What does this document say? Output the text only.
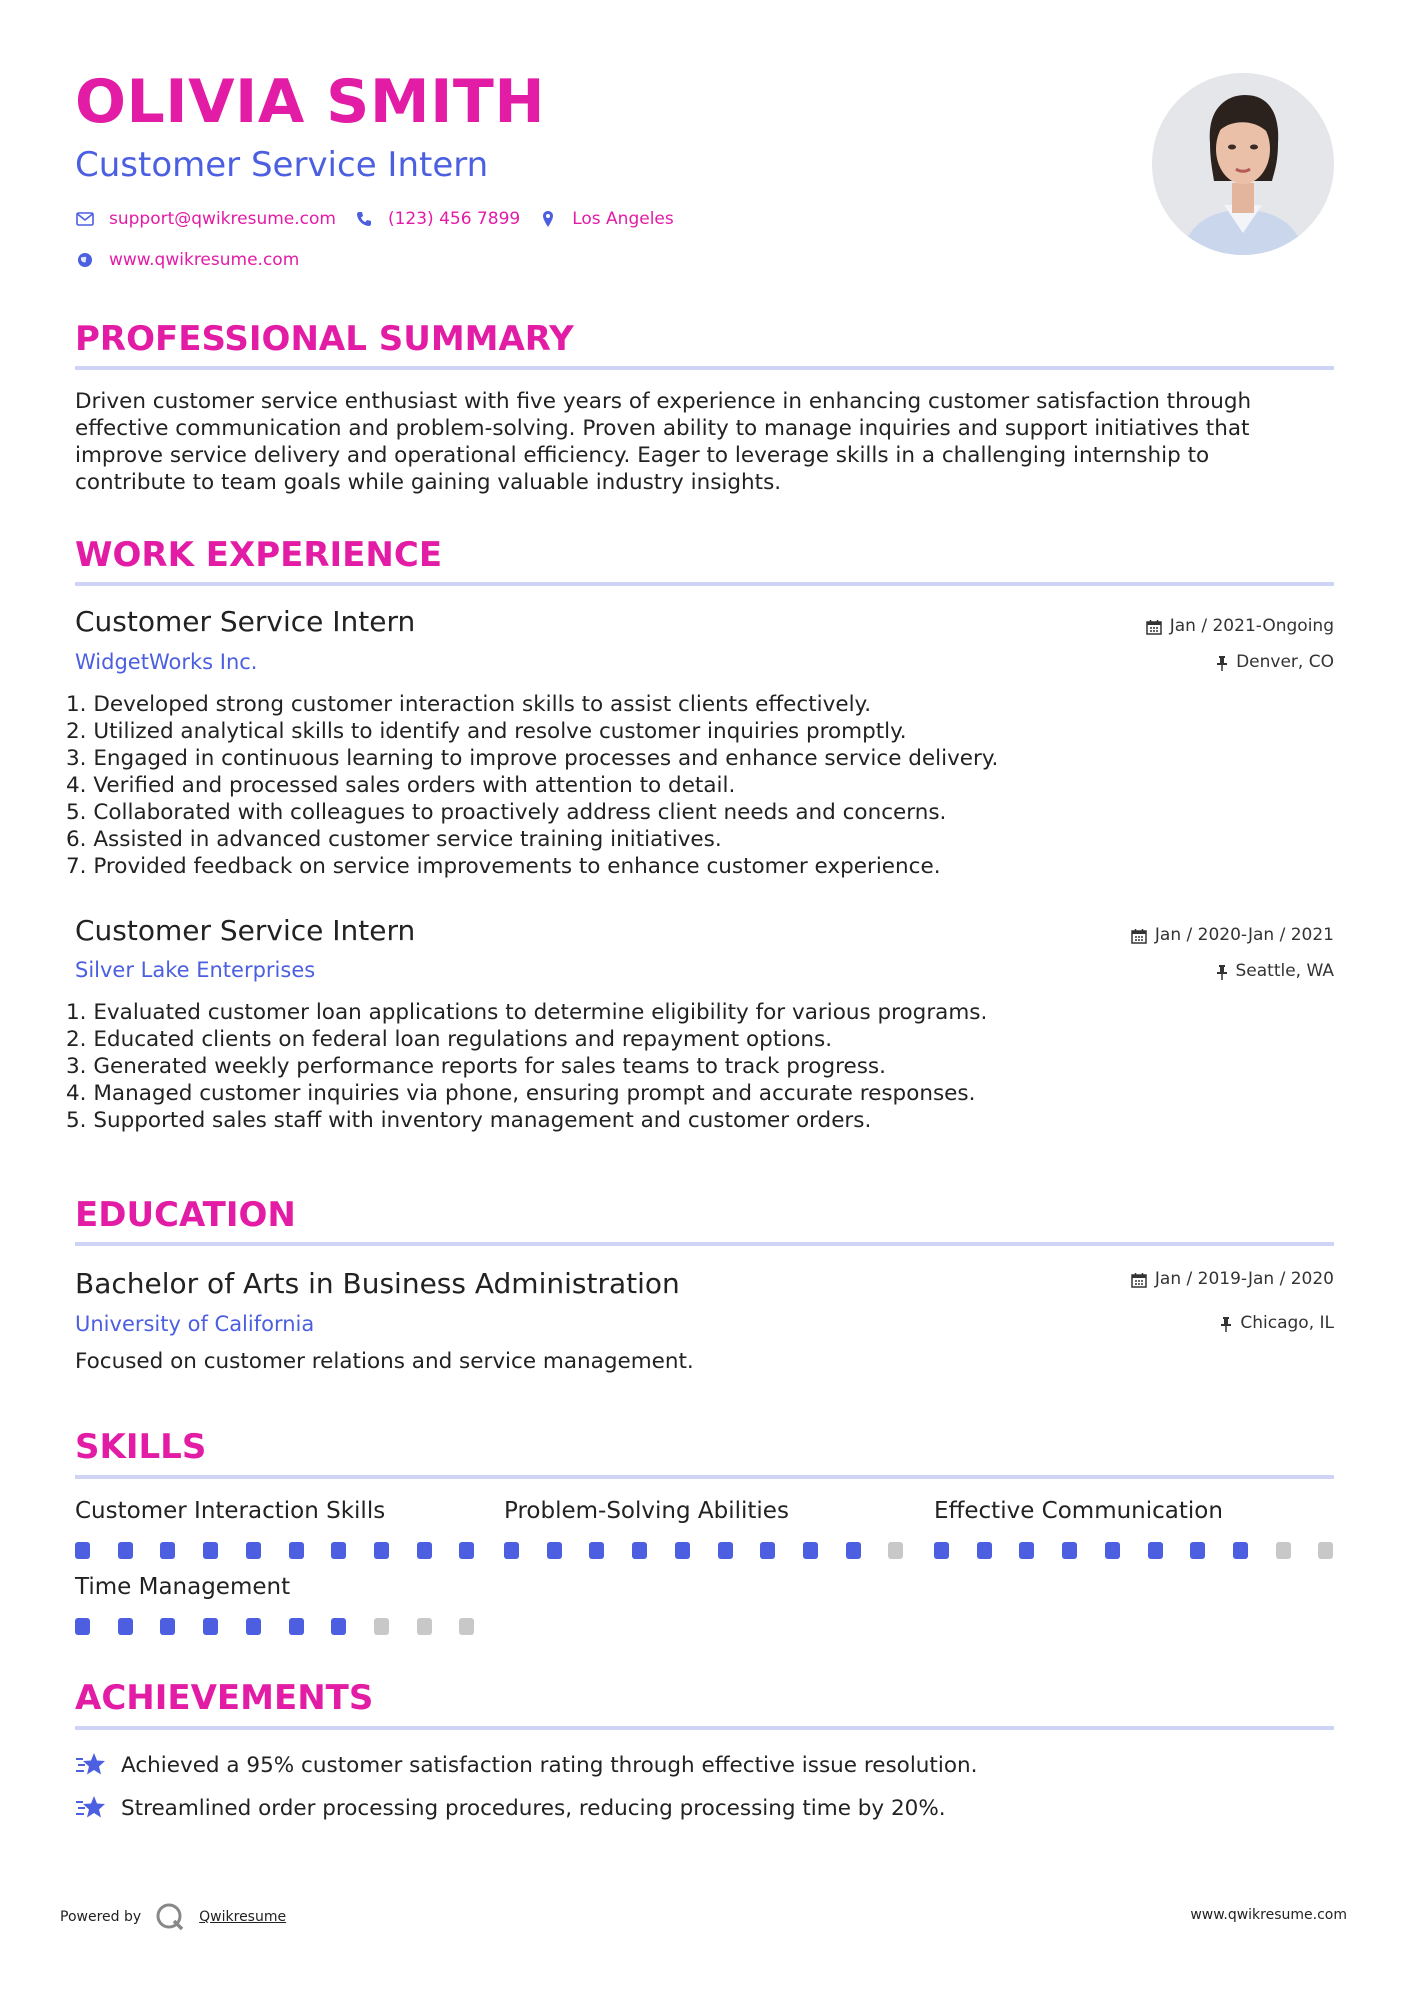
OLIVIA SMITH
Customer Service Intern
support@qwikresume.com	(123) 456 7899	Los Angeles
www.qwikresume.com
PROFESSIONAL SUMMARY
Driven customer service enthusiast with five years of experience in enhancing customer satisfaction through
effective communication and problem-solving. Proven ability to manage inquiries and support initiatives that
improve service delivery and operational efficiency. Eager to leverage skills in a challenging internship to
contribute to team goals while gaining valuable industry insights.
WORK EXPERIENCE
Customer Service Intern
WidgetWorks Inc.
Jan / 2021-Ongoing
Denver, CO
1. Developed strong customer interaction skills to assist clients effectively.
2. Utilized analytical skills to identify and resolve customer inquiries promptly.
3. Engaged in continuous learning to improve processes and enhance service delivery.
4. Verified and processed sales orders with attention to detail.
5. Collaborated with colleagues to proactively address client needs and concerns.
6. Assisted in advanced customer service training initiatives.
7. Provided feedback on service improvements to enhance customer experience.
Customer Service Intern
Silver Lake Enterprises
Jan / 2020-Jan / 2021
Seattle, WA
1. Evaluated customer loan applications to determine eligibility for various programs.
2. Educated clients on federal loan regulations and repayment options.
3. Generated weekly performance reports for sales teams to track progress.
4. Managed customer inquiries via phone, ensuring prompt and accurate responses.
5. Supported sales staff with inventory management and customer orders.
EDUCATION
Bachelor of Arts in Business Administration
University of California
Jan / 2019-Jan / 2020
Chicago, IL
Focused on customer relations and service management.
SKILLS
Customer Interaction Skills	Problem-Solving Abilities	Effective Communication
Time Management
ACHIEVEMENTS
Achieved a 95% customer satisfaction rating through effective issue resolution.
Streamlined order processing procedures, reducing processing time by 20%.
Powered by	Qwikresume	www.qwikresume.com
